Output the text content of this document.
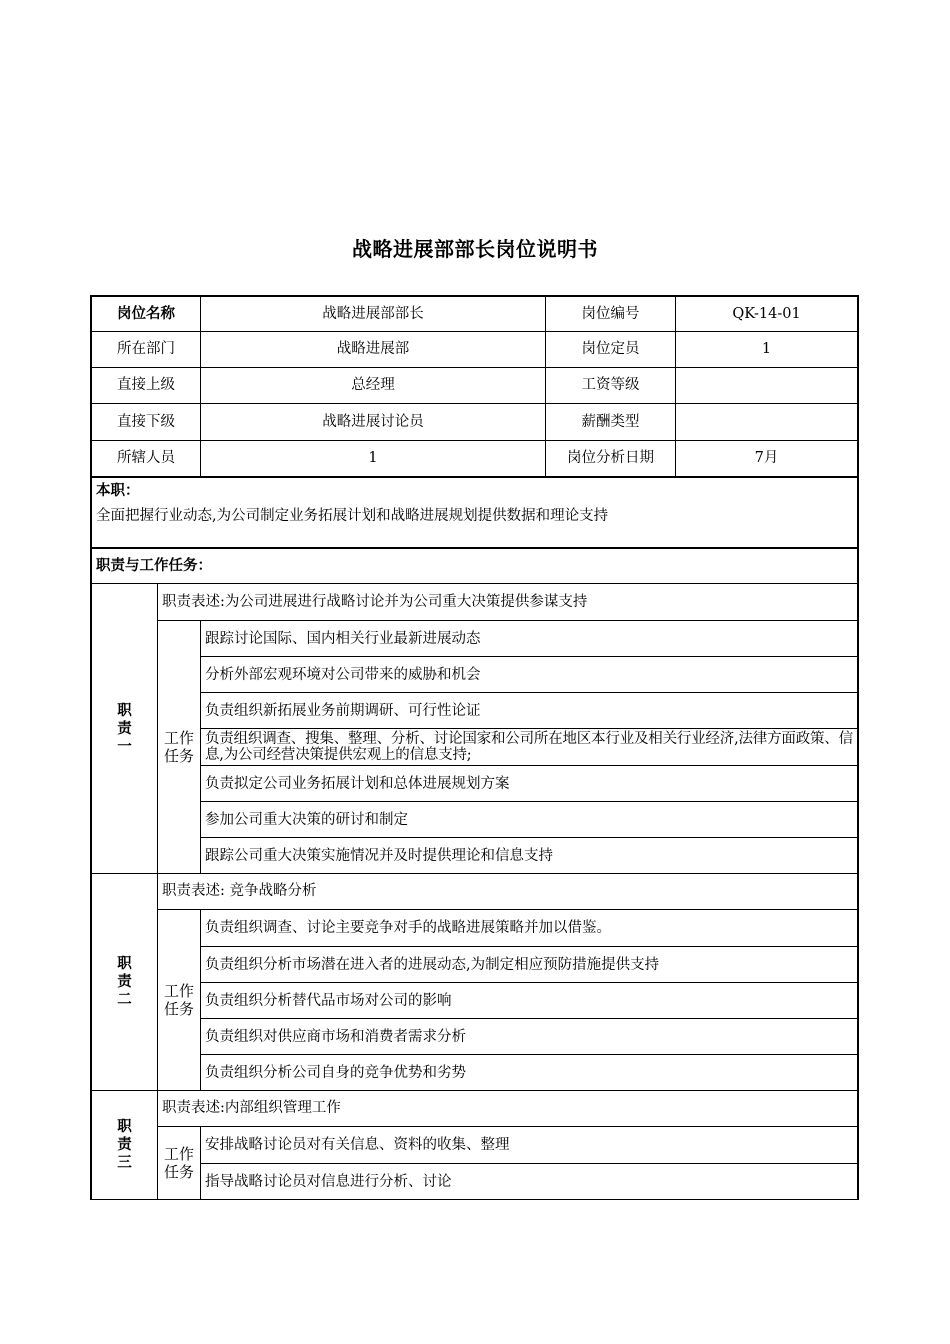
战略进展部部长岗位说明书
岗位名称	战略进展部部长	岗位编号	QK-14-01
所在部门	战略进展部	岗位定员	1
直接上级	总经理	工资等级
直接下级	战略进展讨论员	薪酬类型
所辖人员	1	岗位分析日期	7月
本职：
全面把握行业动态,为公司制定业务拓展计划和战略进展规划提供数据和理论支持
职责与工作任务：
职
责
一
职责表述:为公司进展进行战略讨论并为公司重大决策提供参谋支持
工作
任务
跟踪讨论国际、国内相关行业最新进展动态
分析外部宏观环境对公司带来的威胁和机会
负责组织新拓展业务前期调研、可行性论证
负责组织调查、搜集、整理、分析、讨论国家和公司所在地区本行业及相关行业经济,法律方面政策、信息,为公司经营决策提供宏观上的信息支持;
负责拟定公司业务拓展计划和总体进展规划方案
参加公司重大决策的研讨和制定
跟踪公司重大决策实施情况并及时提供理论和信息支持
职
责
二
职责表述: 竞争战略分析
工作
任务
负责组织调查、讨论主要竞争对手的战略进展策略并加以借鉴。
负责组织分析市场潜在进入者的进展动态,为制定相应预防措施提供支持
负责组织分析替代品市场对公司的影响
负责组织对供应商市场和消费者需求分析
负责组织分析公司自身的竞争优势和劣势
职
责
三
职责表述:内部组织管理工作
工作
任务
安排战略讨论员对有关信息、资料的收集、整理
指导战略讨论员对信息进行分析、讨论
